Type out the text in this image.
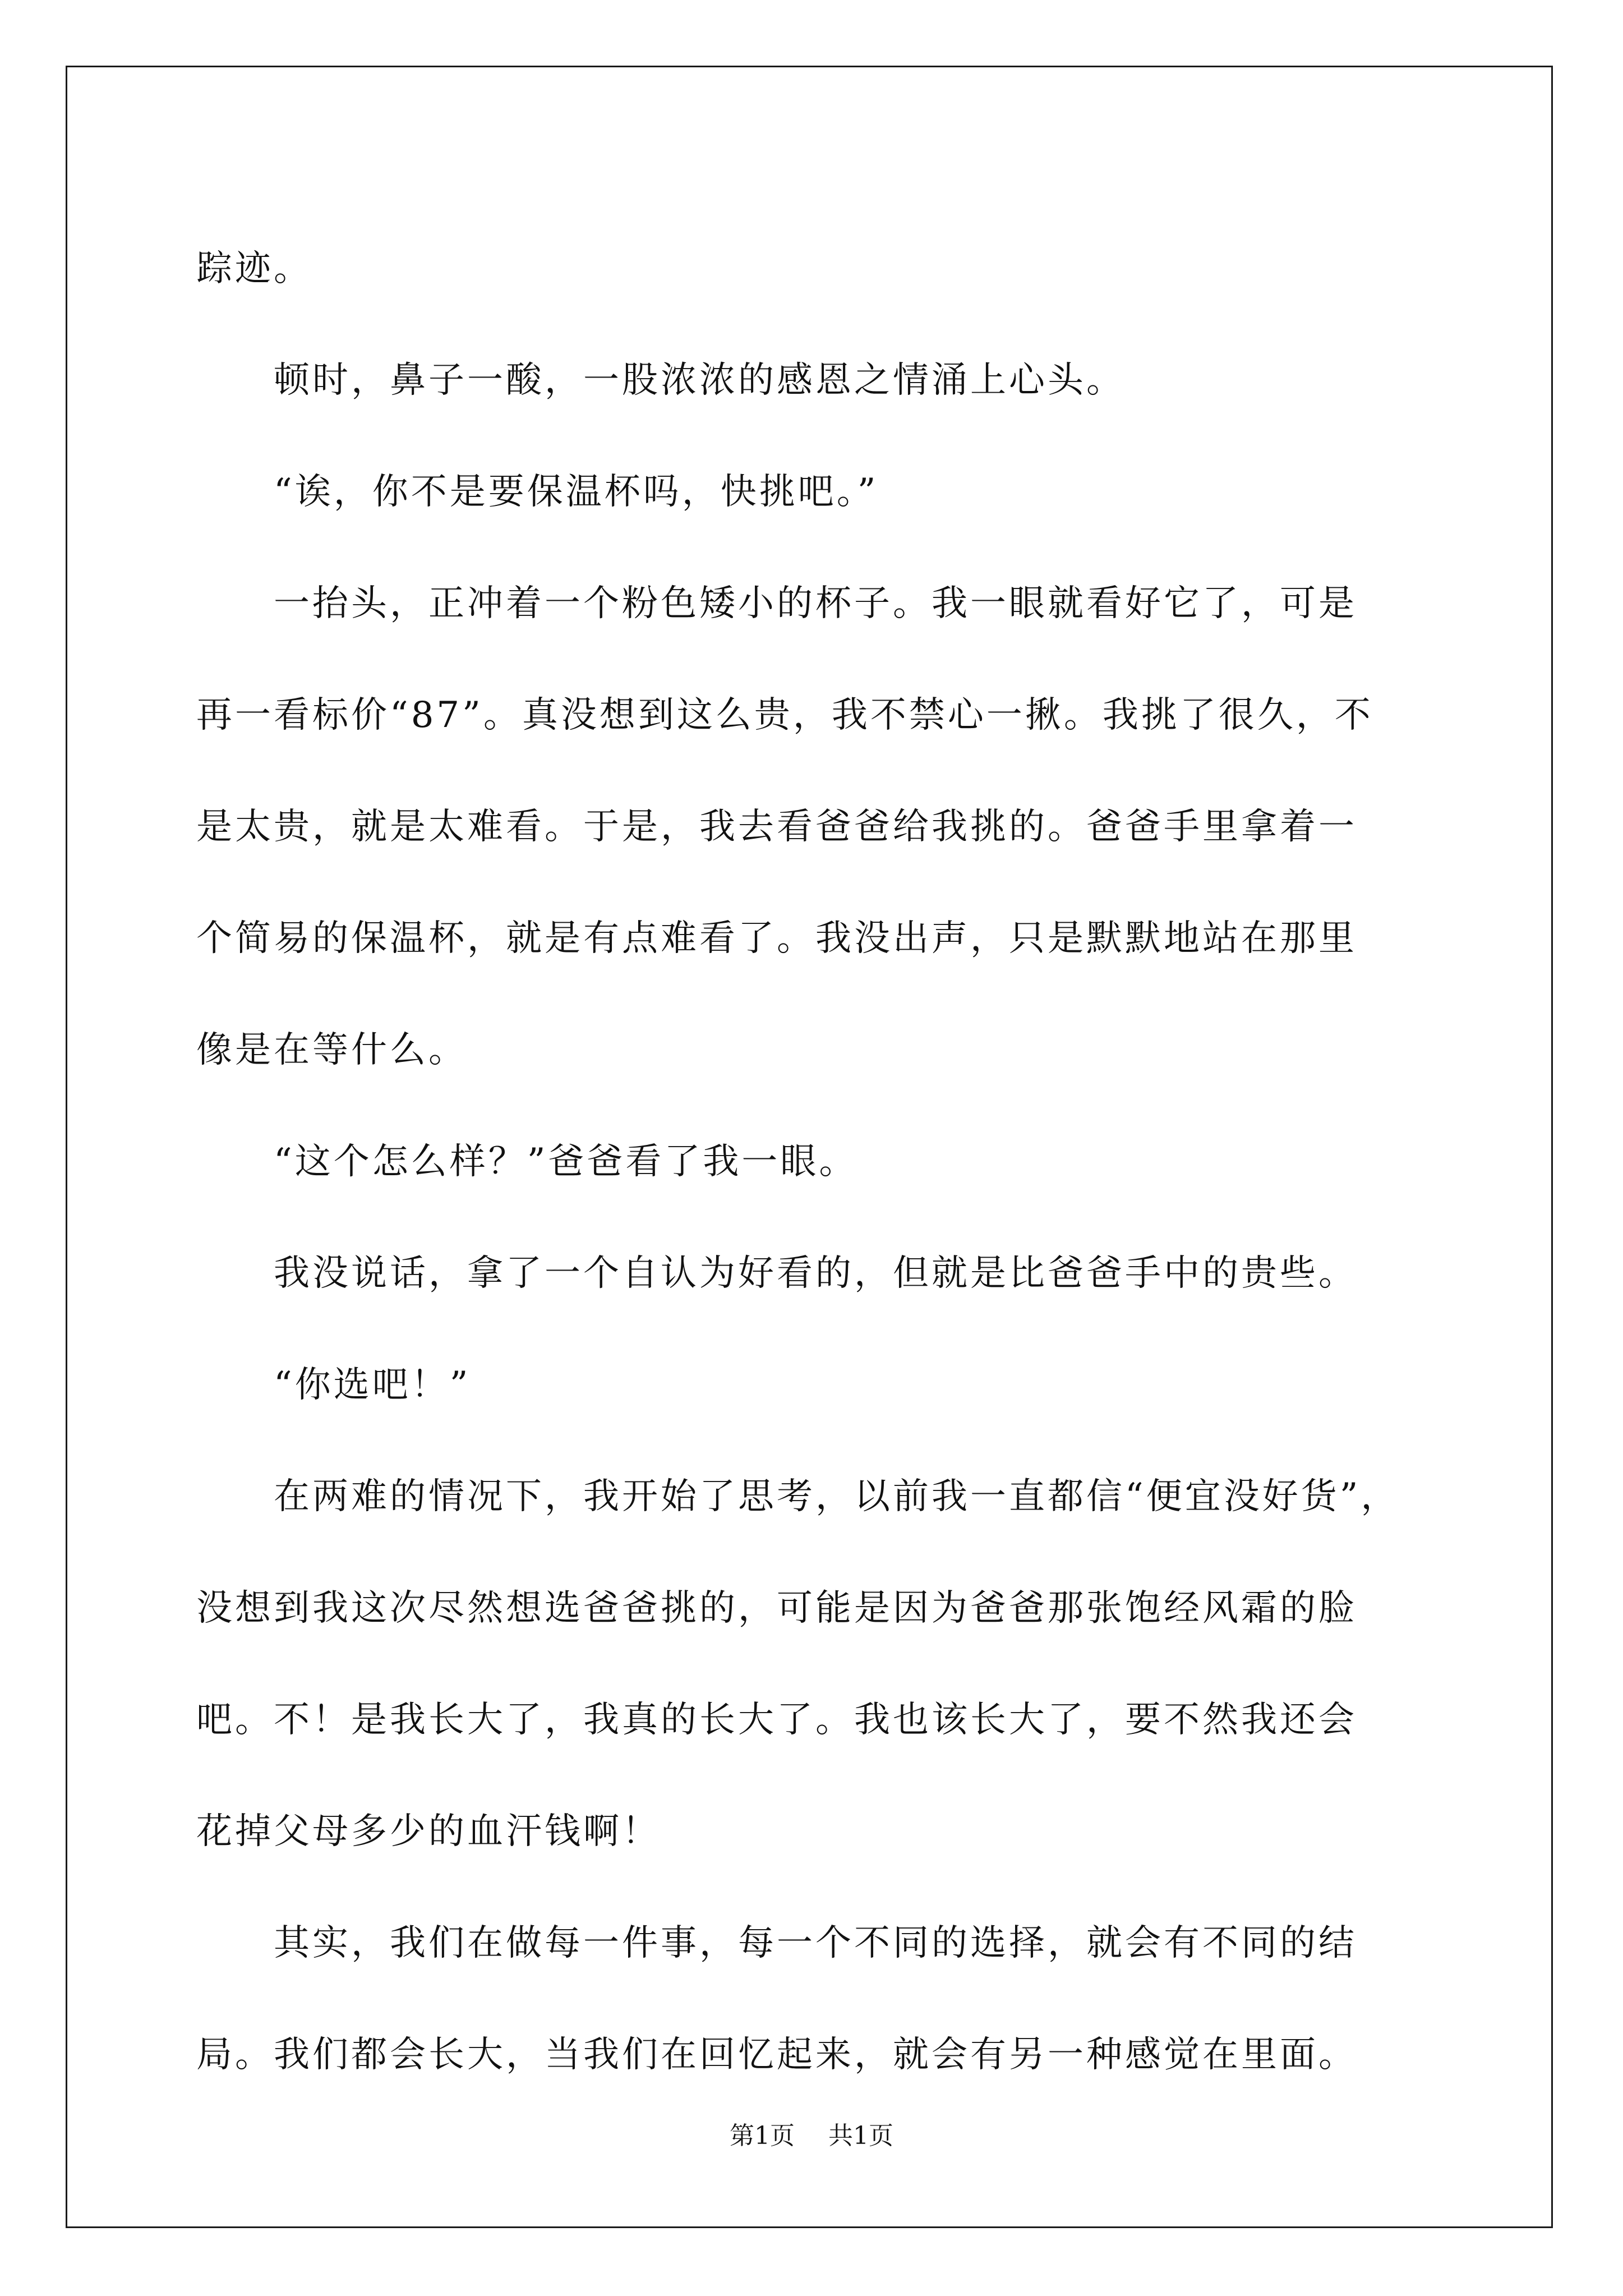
踪迹。

　　顿时，鼻子一酸，一股浓浓的感恩之情涌上心头。

　　“诶，你不是要保温杯吗，快挑吧。”

　　一抬头，正冲着一个粉色矮小的杯子。我一眼就看好它了，可是

再一看标价“87”。真没想到这么贵，我不禁心一揪。我挑了很久，不

是太贵，就是太难看。于是，我去看爸爸给我挑的。爸爸手里拿着一

个简易的保温杯，就是有点难看了。我没出声，只是默默地站在那里

像是在等什么。

　　“这个怎么样？”爸爸看了我一眼。

　　我没说话，拿了一个自认为好看的，但就是比爸爸手中的贵些。

　　“你选吧！”

　　在两难的情况下，我开始了思考，以前我一直都信“便宜没好货”，

没想到我这次尽然想选爸爸挑的，可能是因为爸爸那张饱经风霜的脸

吧。不！是我长大了，我真的长大了。我也该长大了，要不然我还会

花掉父母多少的血汗钱啊！

　　其实，我们在做每一件事，每一个不同的选择，就会有不同的结

局。我们都会长大，当我们在回忆起来，就会有另一种感觉在里面。

第1页 共1页
